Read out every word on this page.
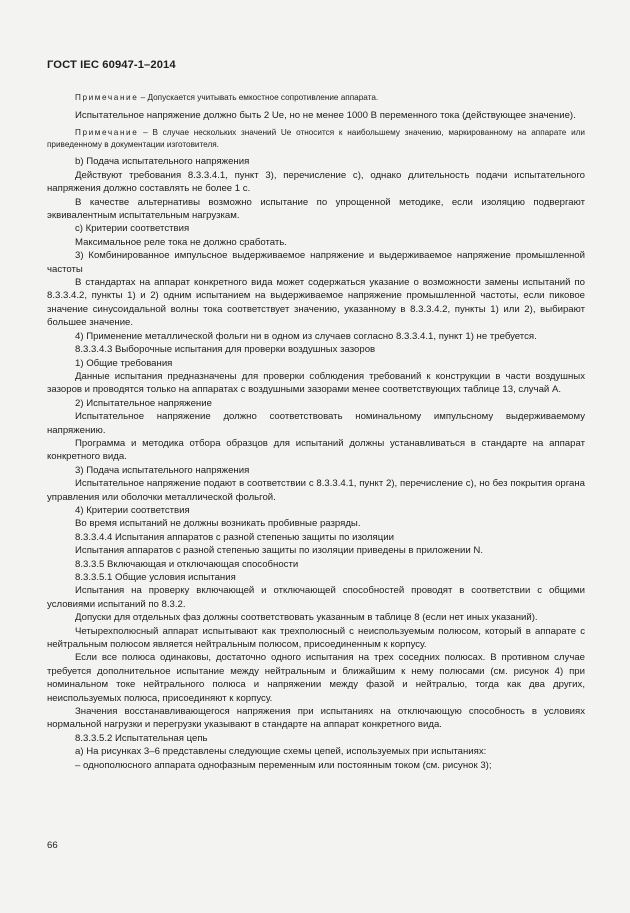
ГОСТ IEC 60947-1–2014

Примечание – Допускается учитывать емкостное сопротивление аппарата.

Испытательное напряжение должно быть 2 Ue, но не менее 1000 В переменного тока (действующее значение).

Примечание – В случае нескольких значений Ue относится к наибольшему значению, маркированному на аппарате или приведенному в документации изготовителя.

b) Подача испытательного напряжения

Действуют требования 8.3.3.4.1, пункт 3), перечисление c), однако длительность подачи испытательного напряжения должно составлять не более 1 с.

В качестве альтернативы возможно испытание по упрощенной методике, если изоляцию подвергают эквивалентным испытательным нагрузкам.

c) Критерии соответствия

Максимальное реле тока не должно сработать.

3) Комбинированное импульсное выдерживаемое напряжение и выдерживаемое напряжение промышленной частоты

В стандартах на аппарат конкретного вида может содержаться указание о возможности замены испытаний по 8.3.3.4.2, пункты 1) и 2) одним испытанием на выдерживаемое напряжение промышленной частоты, если пиковое значение синусоидальной волны тока соответствует значению, указанному в 8.3.3.4.2, пункты 1) или 2), выбирают большее значение.

4) Применение металлической фольги ни в одном из случаев согласно 8.3.3.4.1, пункт 1) не требуется.

8.3.3.4.3 Выборочные испытания для проверки воздушных зазоров

1) Общие требования

Данные испытания предназначены для проверки соблюдения требований к конструкции в части воздушных зазоров и проводятся только на аппаратах с воздушными зазорами менее соответствующих таблице 13, случай А.

2) Испытательное напряжение

Испытательное напряжение должно соответствовать номинальному импульсному выдерживаемому напряжению.

Программа и методика отбора образцов для испытаний должны устанавливаться в стандарте на аппарат конкретного вида.

3) Подача испытательного напряжения

Испытательное напряжение подают в соответствии с 8.3.3.4.1, пункт 2), перечисление c), но без покрытия органа управления или оболочки металлической фольгой.

4) Критерии соответствия

Во время испытаний не должны возникать пробивные разряды.

8.3.3.4.4 Испытания аппаратов с разной степенью защиты по изоляции

Испытания аппаратов с разной степенью защиты по изоляции приведены в приложении N.

8.3.3.5 Включающая и отключающая способности

8.3.3.5.1 Общие условия испытания

Испытания на проверку включающей и отключающей способностей проводят в соответствии с общими условиями испытаний по 8.3.2.

Допуски для отдельных фаз должны соответствовать указанным в таблице 8 (если нет иных указаний).

Четырехполюсный аппарат испытывают как трехполюсный с неиспользуемым полюсом, который в аппарате с нейтральным полюсом является нейтральным полюсом, присоединенным к корпусу.

Если все полюса одинаковы, достаточно одного испытания на трех соседних полюсах. В противном случае требуется дополнительное испытание между нейтральным и ближайшим к нему полюсами (см. рисунок 4) при номинальном токе нейтрального полюса и напряжении между фазой и нейтралью, тогда как два других, неиспользуемых полюса, присоединяют к корпусу.

Значения восстанавливающегося напряжения при испытаниях на отключающую способность в условиях нормальной нагрузки и перегрузки указывают в стандарте на аппарат конкретного вида.

8.3.3.5.2 Испытательная цепь

a) На рисунках 3–6 представлены следующие схемы цепей, используемых при испытаниях:

– однополюсного аппарата однофазным переменным или постоянным током (см. рисунок 3);

66
